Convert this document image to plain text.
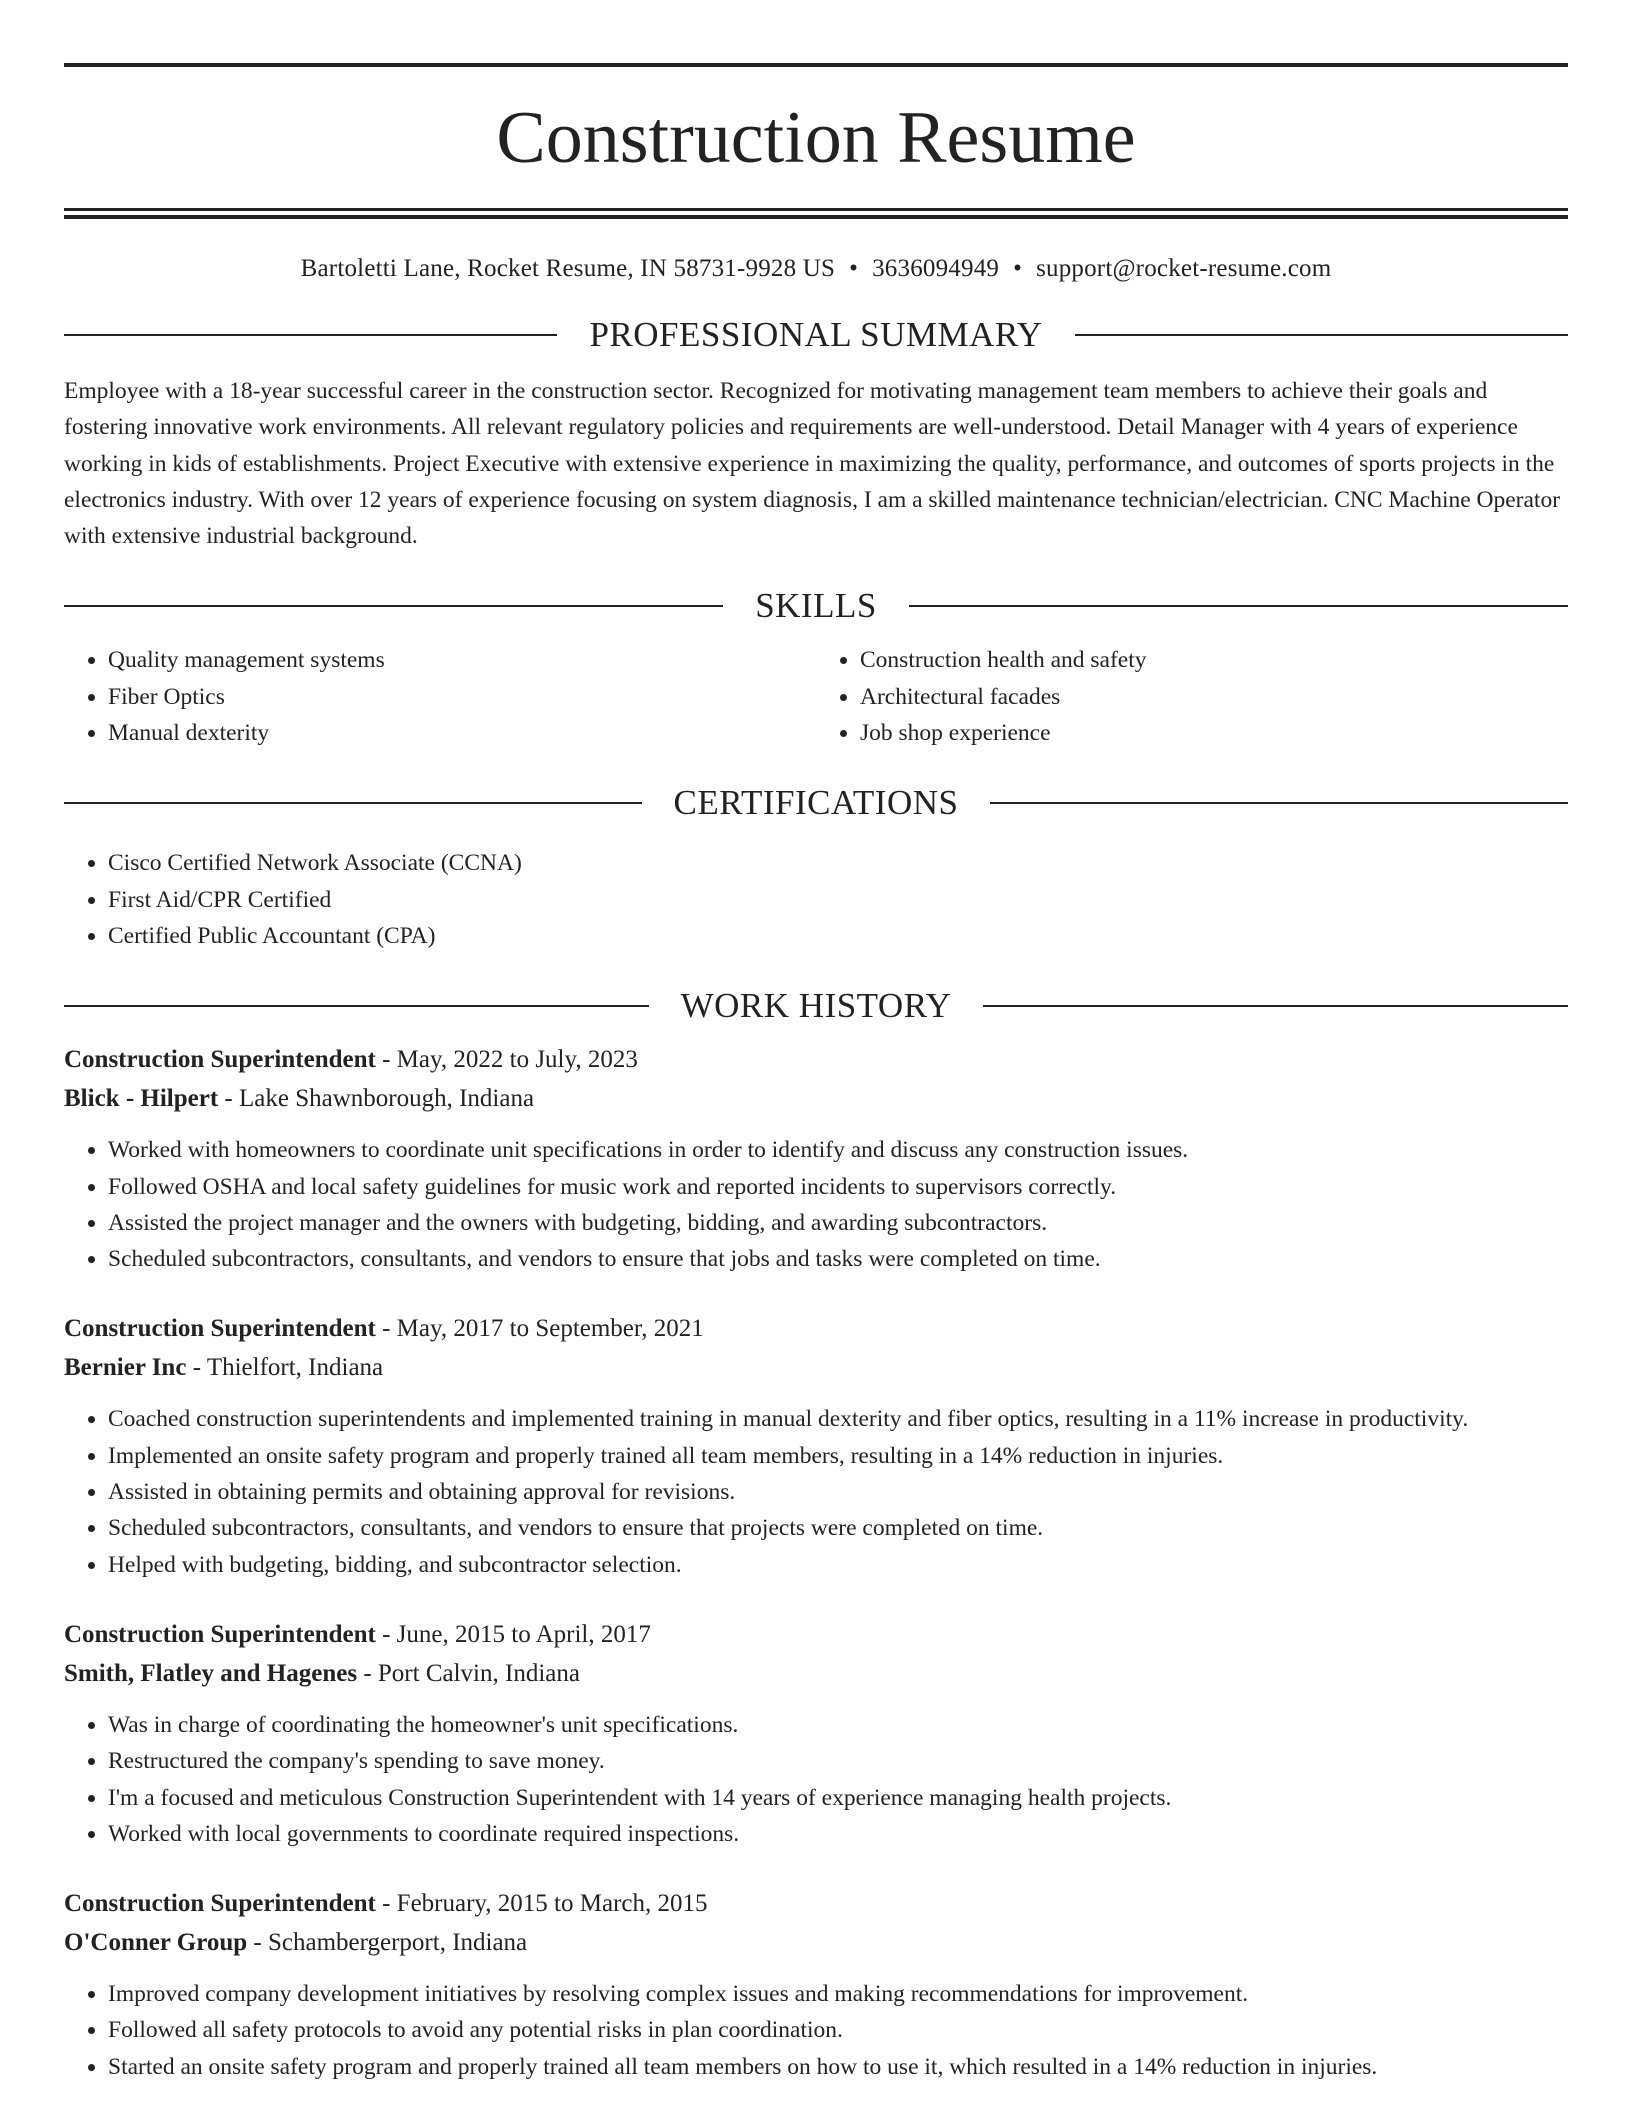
Construction Resume
Bartoletti Lane, Rocket Resume, IN 58731-9928 US • 3636094949 • support@rocket-resume.com
PROFESSIONAL SUMMARY

Employee with a 18-year successful career in the construction sector. Recognized for motivating management team members to achieve their goals and fostering innovative work environments. All relevant regulatory policies and requirements are well-understood. Detail Manager with 4 years of experience working in kids of establishments. Project Executive with extensive experience in maximizing the quality, performance, and outcomes of sports projects in the electronics industry. With over 12 years of experience focusing on system diagnosis, I am a skilled maintenance technician/electrician. CNC Machine Operator with extensive industrial background.

SKILLS
• Quality management systems
• Fiber Optics
• Manual dexterity
• Construction health and safety
• Architectural facades
• Job shop experience
CERTIFICATIONS
• Cisco Certified Network Associate (CCNA)
• First Aid/CPR Certified
• Certified Public Accountant (CPA)
WORK HISTORY
Construction Superintendent - May, 2022 to July, 2023
Blick - Hilpert - Lake Shawnborough, Indiana
• Worked with homeowners to coordinate unit specifications in order to identify and discuss any construction issues.
• Followed OSHA and local safety guidelines for music work and reported incidents to supervisors correctly.
• Assisted the project manager and the owners with budgeting, bidding, and awarding subcontractors.
• Scheduled subcontractors, consultants, and vendors to ensure that jobs and tasks were completed on time.
Construction Superintendent - May, 2017 to September, 2021
Bernier Inc - Thielfort, Indiana
• Coached construction superintendents and implemented training in manual dexterity and fiber optics, resulting in a 11% increase in productivity.
• Implemented an onsite safety program and properly trained all team members, resulting in a 14% reduction in injuries.
• Assisted in obtaining permits and obtaining approval for revisions.
• Scheduled subcontractors, consultants, and vendors to ensure that projects were completed on time.
• Helped with budgeting, bidding, and subcontractor selection.
Construction Superintendent - June, 2015 to April, 2017
Smith, Flatley and Hagenes - Port Calvin, Indiana
• Was in charge of coordinating the homeowner's unit specifications.
• Restructured the company's spending to save money.
• I'm a focused and meticulous Construction Superintendent with 14 years of experience managing health projects.
• Worked with local governments to coordinate required inspections.
Construction Superintendent - February, 2015 to March, 2015
O'Conner Group - Schambergerport, Indiana
• Improved company development initiatives by resolving complex issues and making recommendations for improvement.
• Followed all safety protocols to avoid any potential risks in plan coordination.
• Started an onsite safety program and properly trained all team members on how to use it, which resulted in a 14% reduction in injuries.
